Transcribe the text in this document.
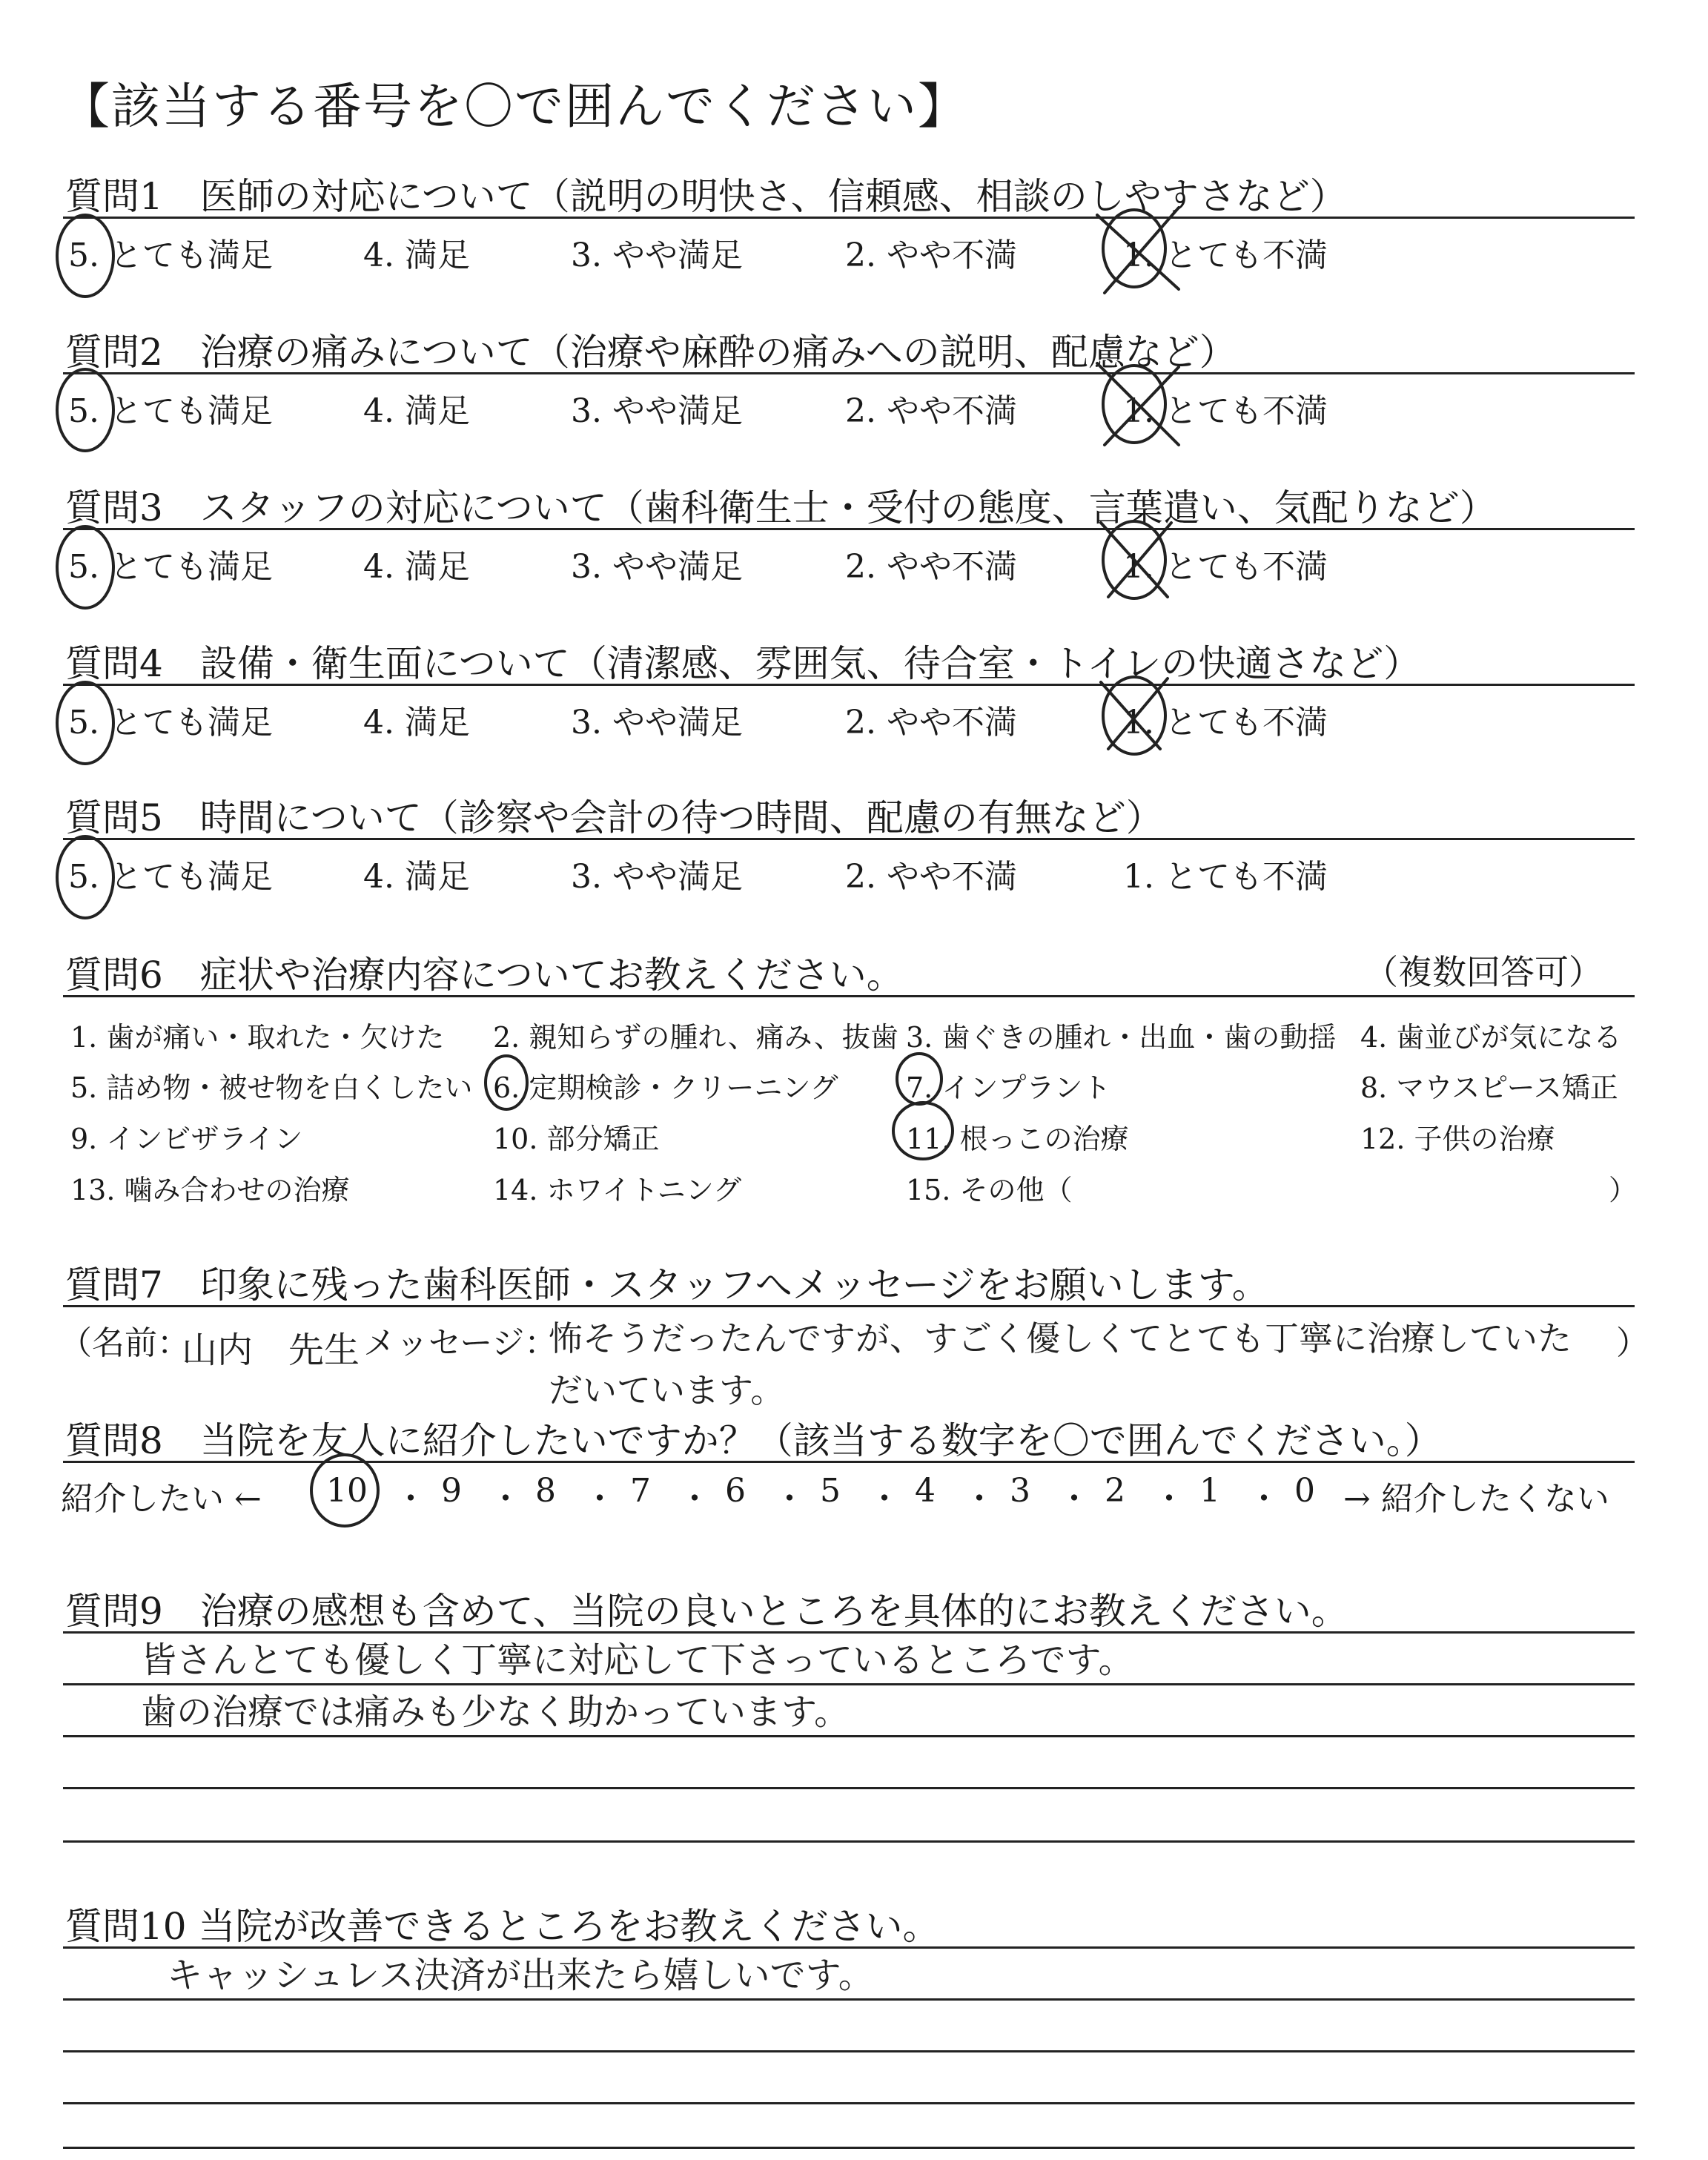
【該当する番号を〇で囲んでください】
質問1　医師の対応について（説明の明快さ、信頼感、相談のしやすさなど）
5. とても満足	4. 満足	3. やや満足	2. やや不満	1. とても不満
質問2　治療の痛みについて（治療や麻酔の痛みへの説明、配慮など）
5. とても満足	4. 満足	3. やや満足	2. やや不満	1. とても不満
質問3　スタッフの対応について（歯科衛生士・受付の態度、言葉遣い、気配りなど）
5. とても満足	4. 満足	3. やや満足	2. やや不満	1. とても不満
質問4　設備・衛生面について（清潔感、雰囲気、待合室・トイレの快適さなど）
5. とても満足	4. 満足	3. やや満足	2. やや不満	1. とても不満
質問5　時間について（診察や会計の待つ時間、配慮の有無など）
5. とても満足	4. 満足	3. やや満足	2. やや不満	1. とても不満
質問6　症状や治療内容についてお教えください。	（複数回答可）
1. 歯が痛い・取れた・欠けた 2. 親知らずの腫れ、痛み、抜歯 3. 歯ぐきの腫れ・出血・歯の動揺 4. 歯並びが気になる
5. 詰め物・被せ物を白くしたい 6. 定期検診・クリーニング 7. インプラント	8. マウスピース矯正
9. インビザライン	10. 部分矯正	11. 根っこの治療	12. 子供の治療
13. 噛み合わせの治療	14. ホワイトニング	15. その他（	）
質問7　印象に残った歯科医師・スタッフへメッセージをお願いします。
（名前：
山内　先生 メッセージ：
怖そうだったんですが、すごく優しくてとても丁寧に治療していただいています。
）
質問8　当院を友人に紹介したいですか？（該当する数字を〇で囲んでください。）
紹介したい ← 10 ・ 9 ・ 8 ・ 7 ・ 6 ・ 5 ・ 4 ・ 3 ・ 2 ・ 1 ・ 0 → 紹介したくない
質問9　治療の感想も含めて、当院の良いところを具体的にお教えください。
皆さんとても優しく丁寧に対応して下さっているところです。
歯の治療では痛みも少なく助かっています。
質問10 当院が改善できるところをお教えください。
キャッシュレス決済が出来たら嬉しいです。
